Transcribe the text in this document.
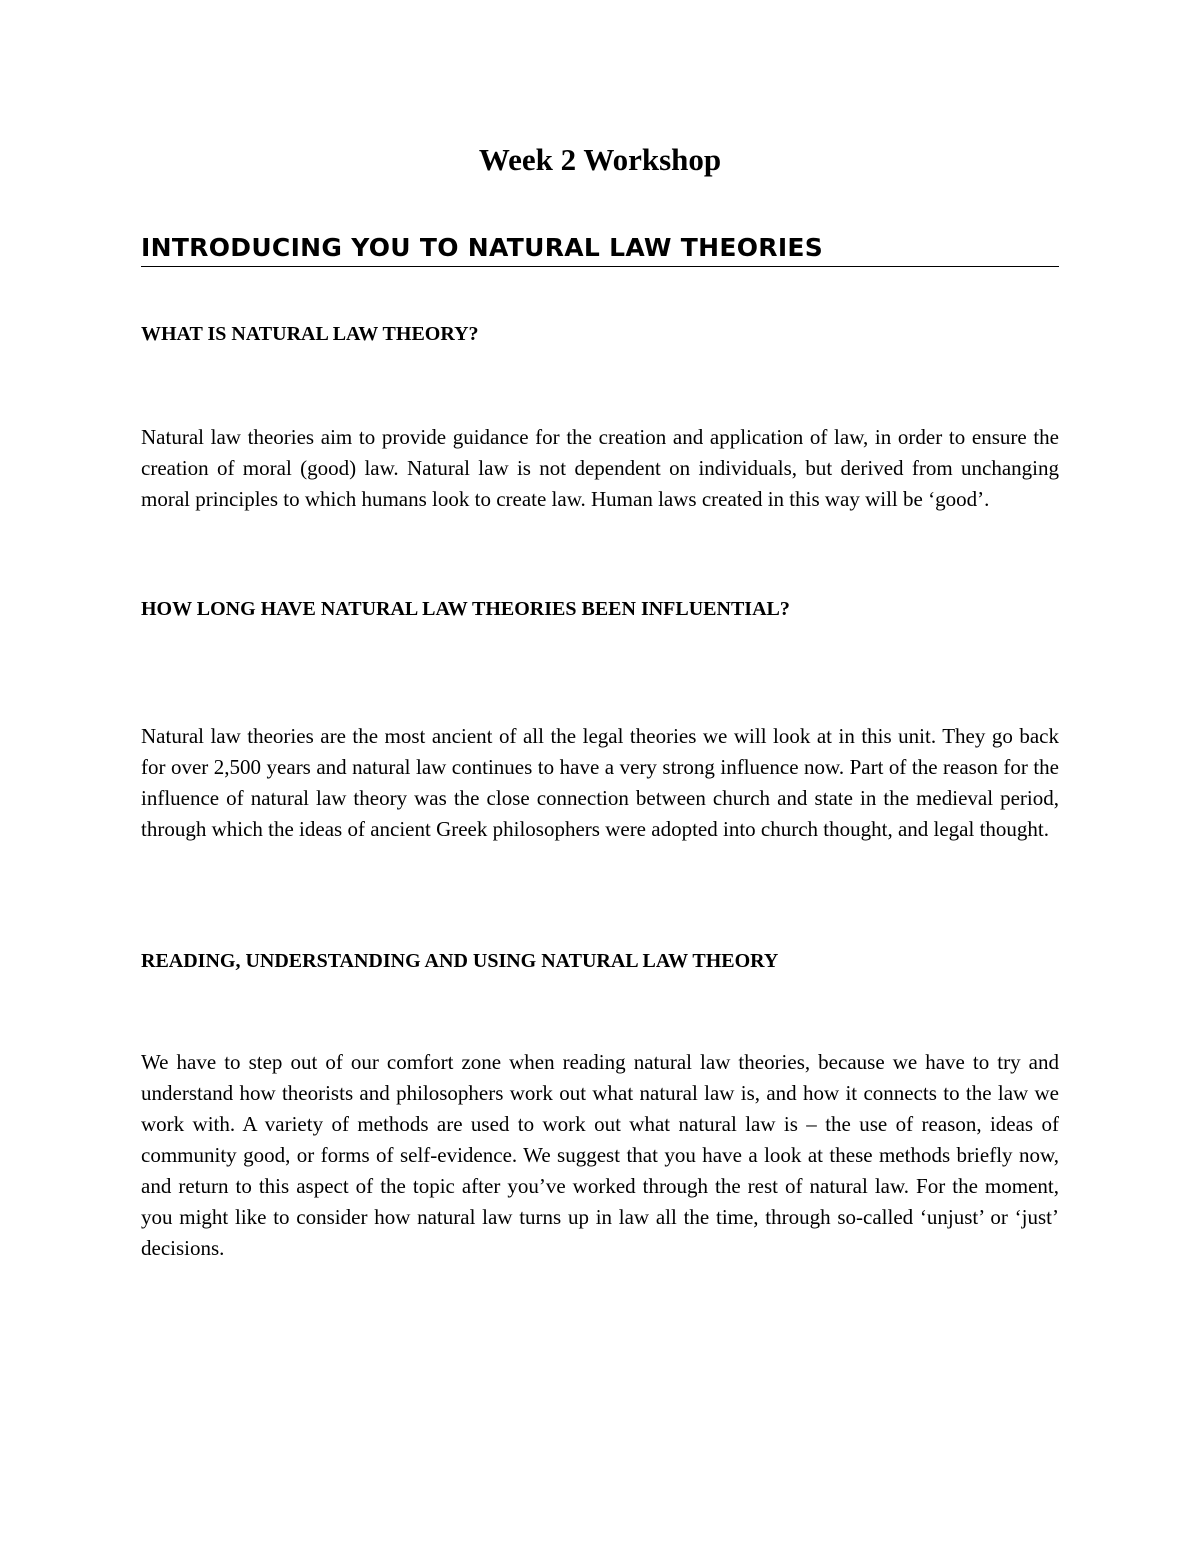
Week 2 Workshop
INTRODUCING YOU TO NATURAL LAW THEORIES
WHAT IS NATURAL LAW THEORY?
Natural law theories aim to provide guidance for the creation and application of law, in order to ensure the creation of moral (good) law. Natural law is not dependent on individuals, but derived from unchanging moral principles to which humans look to create law. Human laws created in this way will be ‘good’.
HOW LONG HAVE NATURAL LAW THEORIES BEEN INFLUENTIAL?
Natural law theories are the most ancient of all the legal theories we will look at in this unit. They go back for over 2,500 years and natural law continues to have a very strong influence now. Part of the reason for the influence of natural law theory was the close connection between church and state in the medieval period, through which the ideas of ancient Greek philosophers were adopted into church thought, and legal thought.
READING, UNDERSTANDING AND USING NATURAL LAW THEORY
We have to step out of our comfort zone when reading natural law theories, because we have to try and understand how theorists and philosophers work out what natural law is, and how it connects to the law we work with. A variety of methods are used to work out what natural law is – the use of reason, ideas of community good, or forms of self-evidence. We suggest that you have a look at these methods briefly now, and return to this aspect of the topic after you’ve worked through the rest of natural law. For the moment, you might like to consider how natural law turns up in law all the time, through so-called ‘unjust’ or ‘just’ decisions.
